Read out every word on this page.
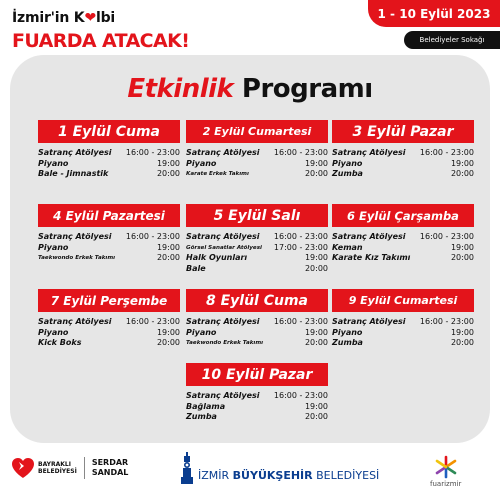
İzmir'in K❤lbi
FUARDA ATACAK!
1 - 10 Eylül 2023
Belediyeler Sokağı
Etkinlik Programı
1 Eylül Cuma
Satranç Atölyesi 16:00 - 23:00
Piyano	19:00
Bale - Jimnastik	20:00
2 Eylül Cumartesi
Satranç Atölyesi 16:00 - 23:00
Piyano	19:00
Karate Erkek Takımı	20:00
3 Eylül Pazar
Satranç Atölyesi 16:00 - 23:00
Piyano	19:00
Zumba	20:00
4 Eylül Pazartesi
Satranç Atölyesi 16:00 - 23:00
Piyano	19:00
Taekwondo Erkek Takımı	20:00
5 Eylül Salı
Satranç Atölyesi 16:00 - 23:00
Görsel Sanatlar Atölyesi 17:00 - 23:00
Halk Oyunları	19:00
Bale	20:00
6 Eylül Çarşamba
Satranç Atölyesi 16:00 - 23:00
Keman	19:00
Karate Kız Takımı	20:00
7 Eylül Perşembe
Satranç Atölyesi 16:00 - 23:00
Piyano	19:00
Kick Boks	20:00
8 Eylül Cuma
Satranç Atölyesi 16:00 - 23:00
Piyano	19:00
Taekwondo Erkek Takımı	20:00
9 Eylül Cumartesi
Satranç Atölyesi 16:00 - 23:00
Piyano	19:00
Zumba	20:00
10 Eylül Pazar
Satranç Atölyesi 16:00 - 23:00
Bağlama	19:00
Zumba	20:00
BAYRAKLI
BELEDİYESİ
SERDAR
SANDAL	İZMİR BÜYÜKŞEHİR BELEDİYESİ
fuarizmir
